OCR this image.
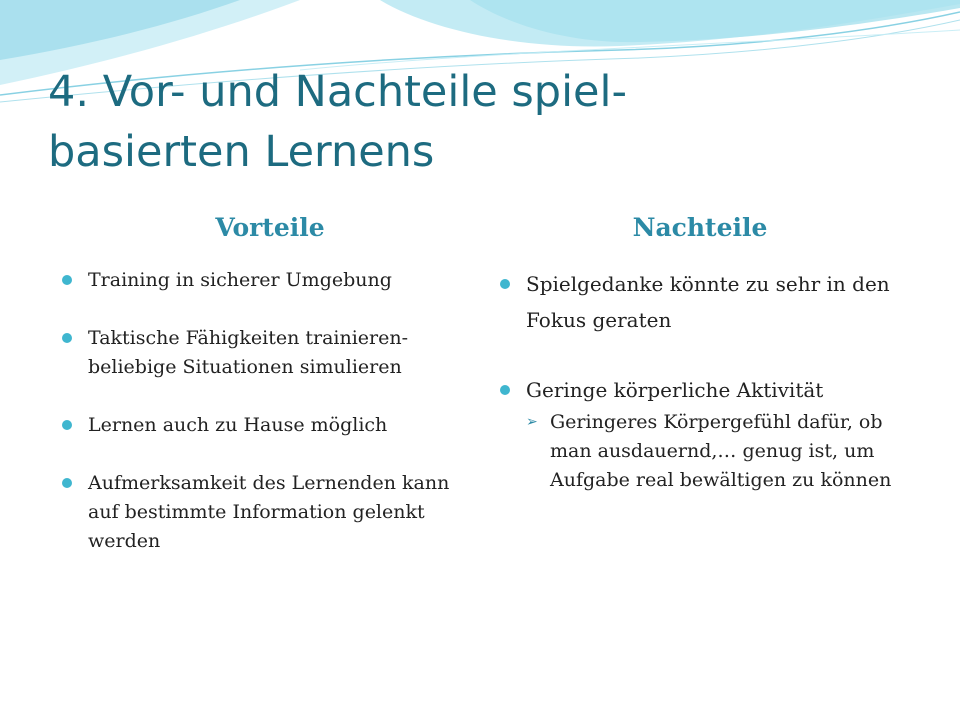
4. Vor- und Nachteile spiel-
basierten Lernens
Vorteile	Nachteile
Training in sicherer Umgebung
Taktische Fähigkeiten trainieren- beliebige Situationen simulieren
Lernen auch zu Hause möglich
Aufmerksamkeit des Lernenden kann auf bestimmte Information gelenkt werden
Spielgedanke könnte zu sehr in den Fokus geraten
Geringe körperliche Aktivität
➢ Geringeres Körpergefühl dafür, ob man ausdauernd,… genug ist, um Aufgabe real bewältigen zu können
